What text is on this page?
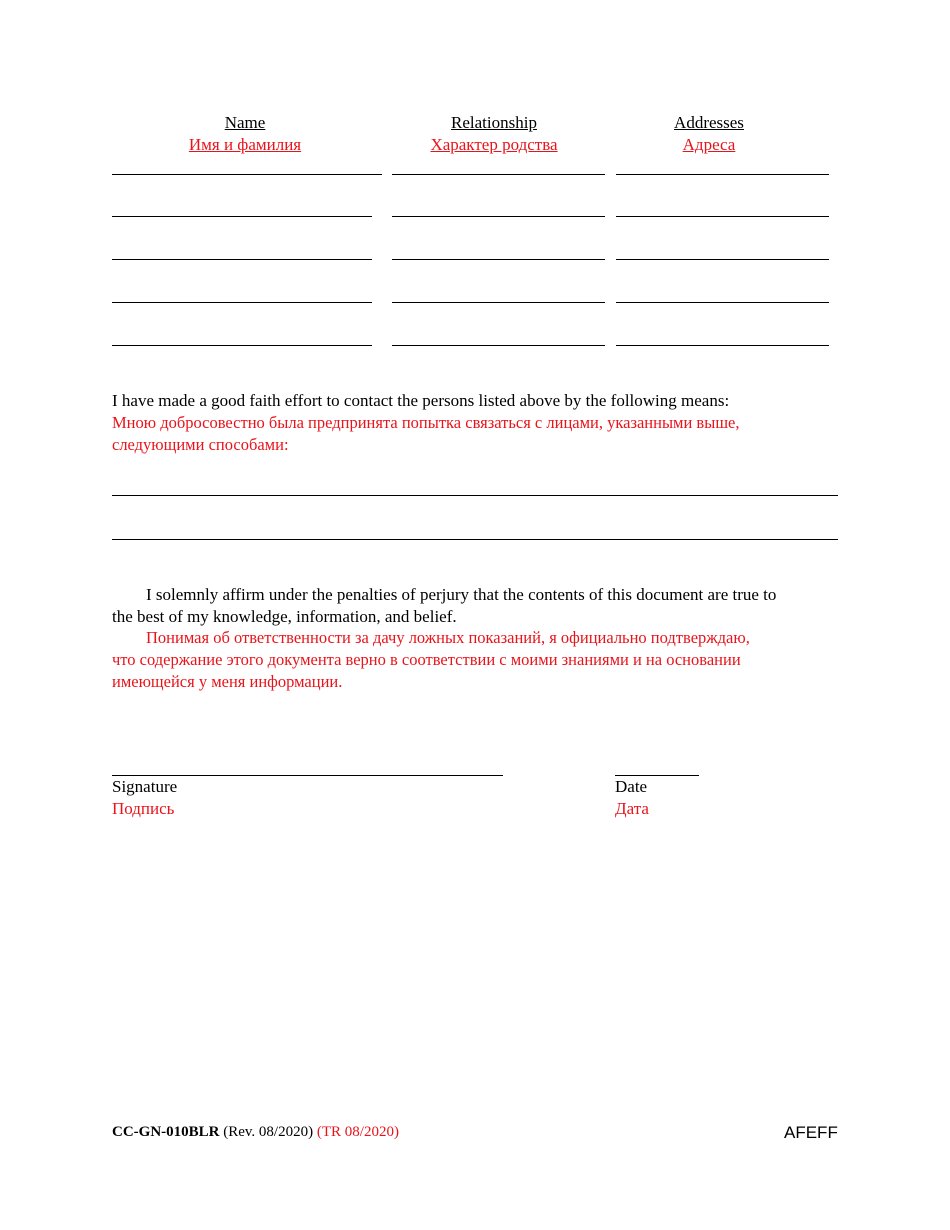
Name
Имя и фамилия
Relationship
Характер родства
Addresses
Адреса
I have made a good faith effort to contact the persons listed above by the following means:
Мною добросовестно была предпринята попытка связаться с лицами, указанными выше,
следующими способами:
I solemnly affirm under the penalties of perjury that the contents of this document are true to
the best of my knowledge, information, and belief.
Понимая об ответственности за дачу ложных показаний, я официально подтверждаю,
что содержание этого документа верно в соответствии с моими знаниями и на основании
имеющейся у меня информации.
Signature
Подпись
Date
Дата
CC-GN-010BLR (Rev. 08/2020) (TR 08/2020)	AFEFF
